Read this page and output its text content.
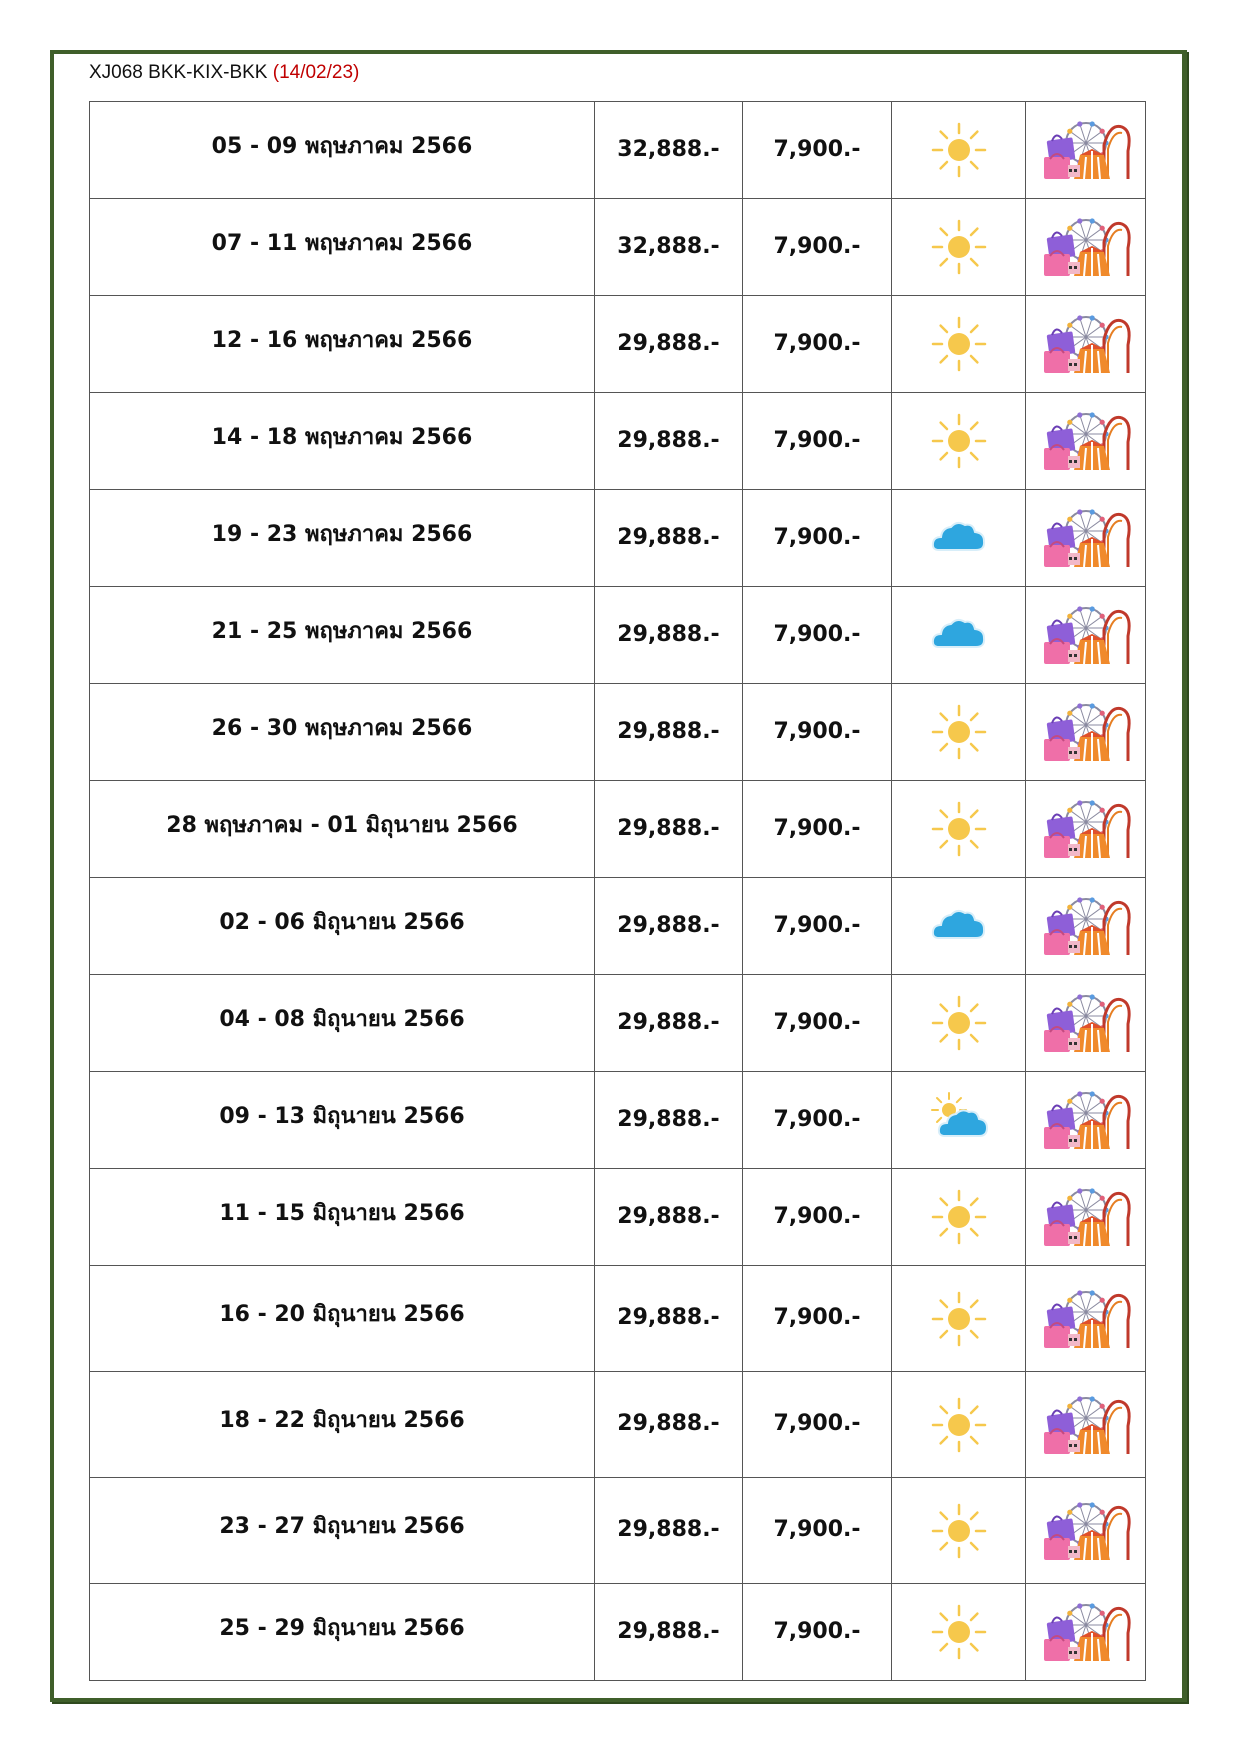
XJ068 BKK-KIX-BKK (14/02/23)
05 - 09 พฤษภาคม 2566	32,888.-	7,900.-		
07 - 11 พฤษภาคม 2566	32,888.-	7,900.-		
12 - 16 พฤษภาคม 2566	29,888.-	7,900.-		
14 - 18 พฤษภาคม 2566	29,888.-	7,900.-		
19 - 23 พฤษภาคม 2566	29,888.-	7,900.-		
21 - 25 พฤษภาคม 2566	29,888.-	7,900.-		
26 - 30 พฤษภาคม 2566	29,888.-	7,900.-		
28 พฤษภาคม - 01 มิถุนายน 2566	29,888.-	7,900.-		
02 - 06 มิถุนายน 2566	29,888.-	7,900.-		
04 - 08 มิถุนายน 2566	29,888.-	7,900.-		
09 - 13 มิถุนายน 2566	29,888.-	7,900.-		
11 - 15 มิถุนายน 2566	29,888.-	7,900.-		
16 - 20 มิถุนายน 2566	29,888.-	7,900.-		
18 - 22 มิถุนายน 2566	29,888.-	7,900.-		
23 - 27 มิถุนายน 2566	29,888.-	7,900.-		
25 - 29 มิถุนายน 2566	29,888.-	7,900.-		
